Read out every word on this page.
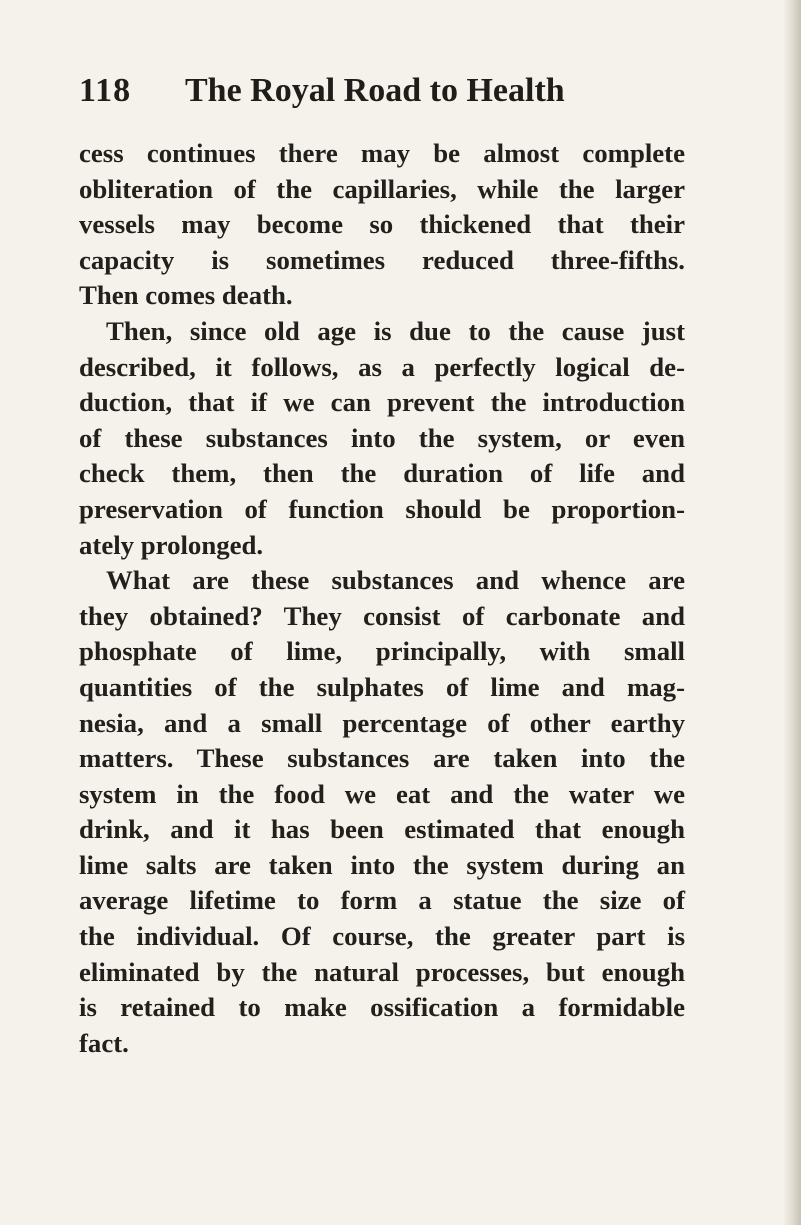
118 The Royal Road to Health
cess continues there may be almost complete
obliteration of the capillaries, while the larger
vessels may become so thickened that their
capacity is sometimes reduced three-fifths.
Then comes death.
Then, since old age is due to the cause just
described, it follows, as a perfectly logical de-
duction, that if we can prevent the introduction
of these substances into the system, or even
check them, then the duration of life and
preservation of function should be proportion-
ately prolonged.
What are these substances and whence are
they obtained? They consist of carbonate and
phosphate of lime, principally, with small
quantities of the sulphates of lime and mag-
nesia, and a small percentage of other earthy
matters. These substances are taken into the
system in the food we eat and the water we
drink, and it has been estimated that enough
lime salts are taken into the system during an
average lifetime to form a statue the size of
the individual. Of course, the greater part is
eliminated by the natural processes, but enough
is retained to make ossification a formidable
fact.
